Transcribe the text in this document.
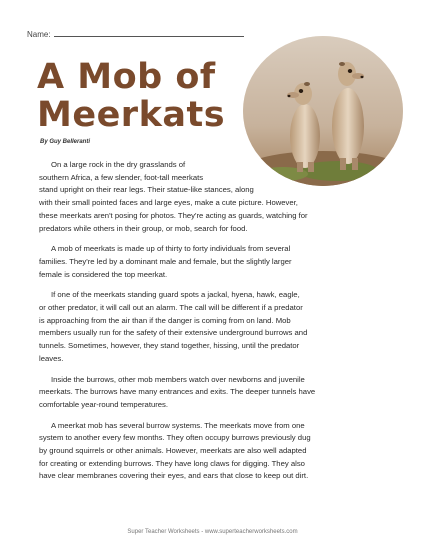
Name:
A Mob of
Meerkats
By Guy Belleranti

On a large rock in the dry grasslands of
southern Africa, a few slender, foot-tall meerkats
stand upright on their rear legs. Their statue-like stances, along
with their small pointed faces and large eyes, make a cute picture. However,
these meerkats aren't posing for photos. They're acting as guards, watching for
predators while others in their group, or mob, search for food.

A mob of meerkats is made up of thirty to forty individuals from several
families. They're led by a dominant male and female, but the slightly larger
female is considered the top meerkat.

If one of the meerkats standing guard spots a jackal, hyena, hawk, eagle,
or other predator, it will call out an alarm. The call will be different if a predator
is approaching from the air than if the danger is coming from on land. Mob
members usually run for the safety of their extensive underground burrows and
tunnels. Sometimes, however, they stand together, hissing, until the predator
leaves.

Inside the burrows, other mob members watch over newborns and juvenile
meerkats. The burrows have many entrances and exits. The deeper tunnels have
comfortable year-round temperatures.

A meerkat mob has several burrow systems. The meerkats move from one
system to another every few months. They often occupy burrows previously dug
by ground squirrels or other animals. However, meerkats are also well adapted
for creating or extending burrows. They have long claws for digging. They also
have clear membranes covering their eyes, and ears that close to keep out dirt.

Super Teacher Worksheets - www.superteacherworksheets.com
